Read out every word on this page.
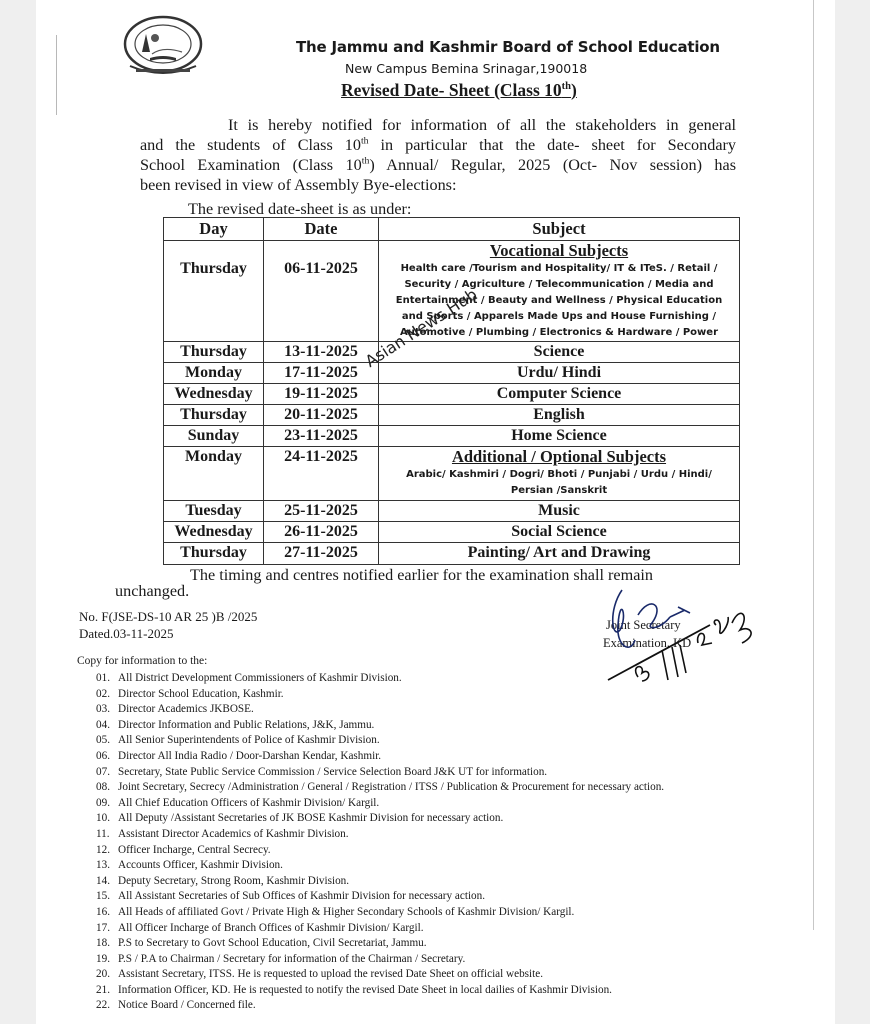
The Jammu and Kashmir Board of School Education
New Campus Bemina Srinagar,190018
Revised Date- Sheet (Class 10th)
It is hereby notified for information of all the stakeholders in general
and the students of Class 10th in particular that the date- sheet for Secondary
School Examination (Class 10th) Annual/ Regular, 2025 (Oct- Nov session) has
been revised in view of Assembly Bye-elections:
The revised date-sheet is as under:
Day	Date	Subject
Thursday	06-11-2025	Vocational Subjects
Health care /Tourism and Hospitality/ IT & ITeS. / Retail / Security / Agriculture / Telecommunication / Media and Entertainment / Beauty and Wellness / Physical Education and Sports / Apparels Made Ups and House Furnishing / Automotive / Plumbing / Electronics & Hardware / Power

Thursday	13-11-2025	Science
Monday	17-11-2025	Urdu/ Hindi
Wednesday	19-11-2025	Computer Science
Thursday	20-11-2025	English
Sunday	23-11-2025	Home Science
Monday	24-11-2025	Additional / Optional Subjects
Arabic/ Kashmiri / Dogri/ Bhoti / Punjabi / Urdu / Hindi/ Persian /Sanskrit

Tuesday	25-11-2025	Music
Wednesday	26-11-2025	Social Science
Thursday	27-11-2025	Painting/ Art and Drawing
Asian News Hub
The timing and centres notified earlier for the examination shall remain
unchanged.
No. F(JSE-DS-10 AR 25 )B /2025
Dated.03-11-2025
Joint Secretary
Examination, KD
Copy for information to the:
01. All District Development Commissioners of Kashmir Division.
02. Director School Education, Kashmir.
03. Director Academics JKBOSE.
04. Director Information and Public Relations, J&K, Jammu.
05. All Senior Superintendents of Police of Kashmir Division.
06. Director All India Radio / Door-Darshan Kendar, Kashmir.
07. Secretary, State Public Service Commission / Service Selection Board J&K UT for information.
08. Joint Secretary, Secrecy /Administration / General / Registration / ITSS / Publication & Procurement for necessary action.
09. All Chief Education Officers of Kashmir Division/ Kargil.
10. All Deputy /Assistant Secretaries of JK BOSE Kashmir Division for necessary action.
11. Assistant Director Academics of Kashmir Division.
12. Officer Incharge, Central Secrecy.
13. Accounts Officer, Kashmir Division.
14. Deputy Secretary, Strong Room, Kashmir Division.
15. All Assistant Secretaries of Sub Offices of Kashmir Division for necessary action.
16. All Heads of affiliated Govt / Private High & Higher Secondary Schools of Kashmir Division/ Kargil.
17. All Officer Incharge of Branch Offices of Kashmir Division/ Kargil.
18. P.S to Secretary to Govt School Education, Civil Secretariat, Jammu.
19. P.S / P.A to Chairman / Secretary for information of the Chairman / Secretary.
20. Assistant Secretary, ITSS. He is requested to upload the revised Date Sheet on official website.
21. Information Officer, KD. He is requested to notify the revised Date Sheet in local dailies of Kashmir Division.
22. Notice Board / Concerned file.
